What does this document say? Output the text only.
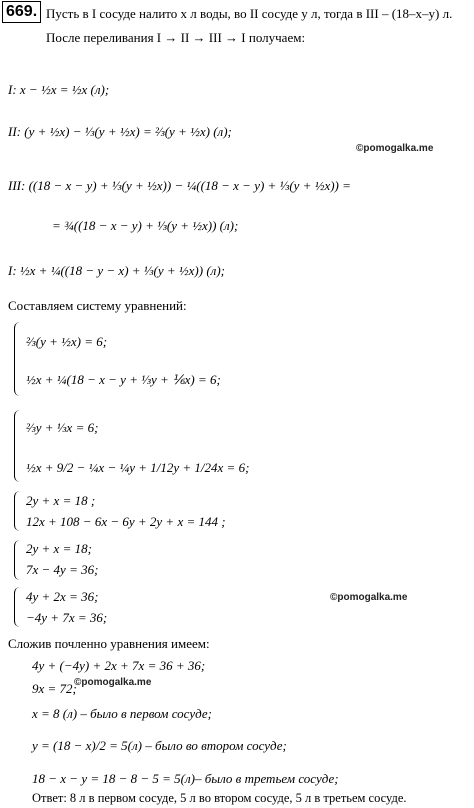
669. Пусть в I сосуде налито x л воды, во II сосуде y л, тогда в III – (18–x–y) л.
После переливания I → II → III → I получаем:
I: x − ½x = ½x (л);
II: (y + ½x) − ⅓(y + ½x) = ⅔(y + ½x) (л);
©pomogalka.me
III: ((18 − x − y) + ⅓(y + ½x)) − ¼((18 − x − y) + ⅓(y + ½x)) =
= ¾((18 − x − y) + ⅓(y + ½x)) (л);
I: ½x + ¼((18 − y − x) + ⅓(y + ½x)) (л);
Составляем систему уравнений:
⅔(y + ½x) = 6;
½x + ¼(18 − x − y + ⅓y + ⅙x) = 6;
⅔y + ⅓x = 6;
½x + 9/2 − ¼x − ¼y + 1/12y + 1/24x = 6;
2y + x = 18 ;
12x + 108 − 6x − 6y + 2y + x = 144 ;
2y + x = 18;
7x − 4y = 36;
4y + 2x = 36;
−4y + 7x = 36;
©pomogalka.me
Сложив почленно уравнения имеем:
4y + (−4y) + 2x + 7x = 36 + 36;
9x = 72;
©pomogalka.me
x = 8 (л) – было в первом сосуде;
y = (18 − x)/2 = 5(л) – было во втором сосуде;
18 − x − y = 18 − 8 − 5 = 5(л)– было в третьем сосуде;
Ответ: 8 л в первом сосуде, 5 л во втором сосуде, 5 л в третьем сосуде.
